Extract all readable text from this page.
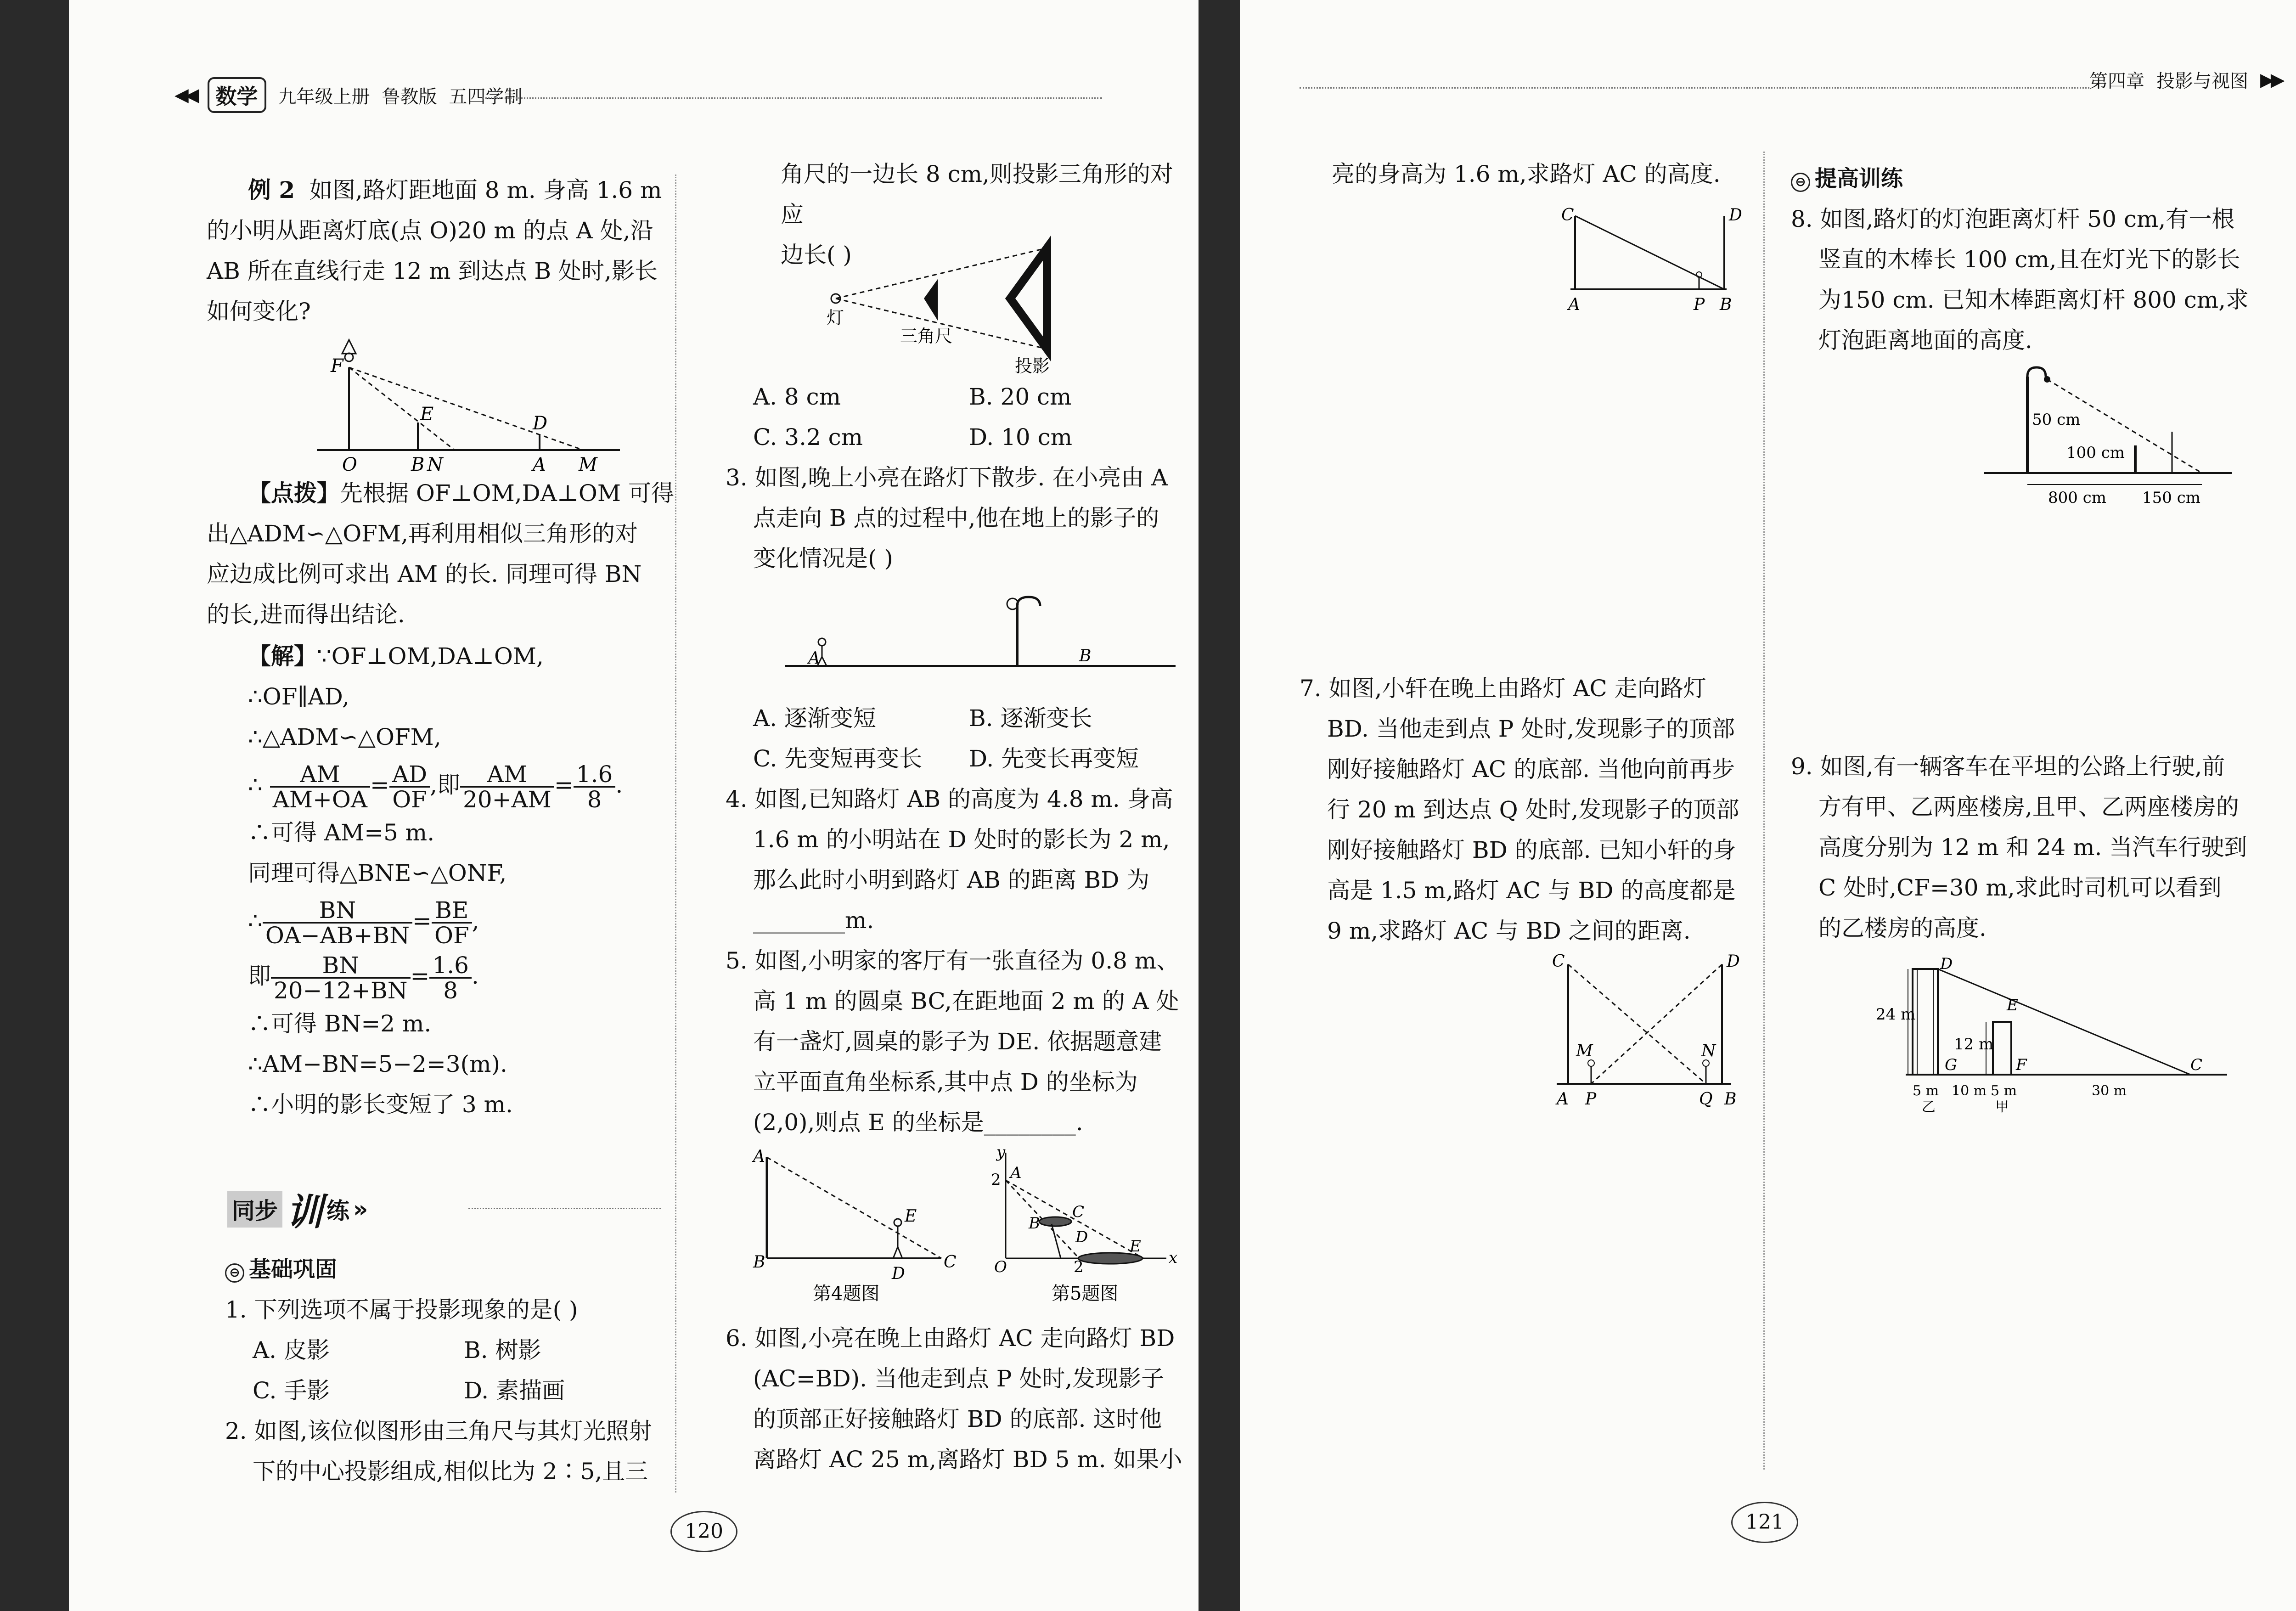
◀◀ 数学	九年级上册 鲁教版 五四学制

例 2 如图,路灯距地面 8 m. 身高 1.6 m

的小明从距离灯底(点 O)20 m 的点 A 处,沿

AB 所在直线行走 12 m 到达点 B 处时,影长

如何变化?

F
E	D
O	B N	A M

【点拨】先根据 OF⊥OM,DA⊥OM 可得

出△ADM∽△OFM,再利用相似三角形的对

应边成比例可求出 AM 的长. 同理可得 BN

的长,进而得出结论.

【解】∵OF⊥OM,DA⊥OM,

∴OF∥AD,

∴△ADM∽△OFM,

∴ $\frac{AM}{AM+OA} = \frac{AD}{OF}$ ,即 $\frac{AM}{20+AM} = \frac{1.6}{8}$ .

∴可得 AM=5 m.

同理可得△BNE∽△ONF,

∴ $\frac{BN}{OA-AB+BN} = \frac{BE}{OF}$ ,

即 $\frac{BN}{20-12+BN} = \frac{1.6}{8}$ .

∴可得 BN=2 m.

∴AM−BN=5−2=3(m).

∴小明的影长变短了 3 m.

同步 训 练 »

⊖ 基础巩固

1. 下列选项不属于投影现象的是( )

A. 皮影	B. 树影
C. 手影	D. 素描画

2. 如图,该位似图形由三角尺与其灯光照射

下的中心投影组成,相似比为 2∶5,且三

角尺的一边长 8 cm,则投影三角形的对应

边长( )

灯
三角尺
投影
A. 8 cm	B. 20 cm
C. 3.2 cm	D. 10 cm

3. 如图,晚上小亮在路灯下散步. 在小亮由 A

点走向 B 点的过程中,他在地上的影子的

变化情况是( )

A	B
A. 逐渐变短	B. 逐渐变长
C. 先变短再变长	D. 先变长再变短

4. 如图,已知路灯 AB 的高度为 4.8 m. 身高

1.6 m 的小明站在 D 处时的影长为 2 m,

那么此时小明到路灯 AB 的距离 BD 为

________m.

5. 如图,小明家的客厅有一张直径为 0.8 m、

高 1 m 的圆桌 BC,在距地面 2 m 的 A 处

有一盏灯,圆桌的影子为 DE. 依据题意建

立平面直角坐标系,其中点 D 的坐标为

(2,0),则点 E 的坐标是________.

A
E
B	C
D
第4题图
y
2 A
B
C
D	E
O	2	x
第5题图

6. 如图,小亮在晚上由路灯 AC 走向路灯 BD

(AC=BD). 当他走到点 P 处时,发现影子

的顶部正好接触路灯 BD 的底部. 这时他

离路灯 AC 25 m,离路灯 BD 5 m. 如果小

120
第四章 投影与视图 ▶▶

亮的身高为 1.6 m,求路灯 AC 的高度.

C	D
A	P B

7. 如图,小轩在晚上由路灯 AC 走向路灯

BD. 当他走到点 P 处时,发现影子的顶部

刚好接触路灯 AC 的底部. 当他向前再步

行 20 m 到达点 Q 处时,发现影子的顶部

刚好接触路灯 BD 的底部. 已知小轩的身

高是 1.5 m,路灯 AC 与 BD 的高度都是

9 m,求路灯 AC 与 BD 之间的距离.

C	D
M	N
A P	Q B

⊖ 提高训练

8. 如图,路灯的灯泡距离灯杆 50 cm,有一根

竖直的木棒长 100 cm,且在灯光下的影长

为150 cm. 已知木棒距离灯杆 800 cm,求

灯泡距离地面的高度.

50 cm
100 cm
800 cm 150 cm

9. 如图,有一辆客车在平坦的公路上行驶,前

方有甲、乙两座楼房,且甲、乙两座楼房的

高度分别为 12 m 和 24 m. 当汽车行驶到

C 处时,CF=30 m,求此时司机可以看到

的乙楼房的高度.

24 m
12 m
D
E
G	F	C
5 m 10 m 5 m	30 m
乙	甲
121
